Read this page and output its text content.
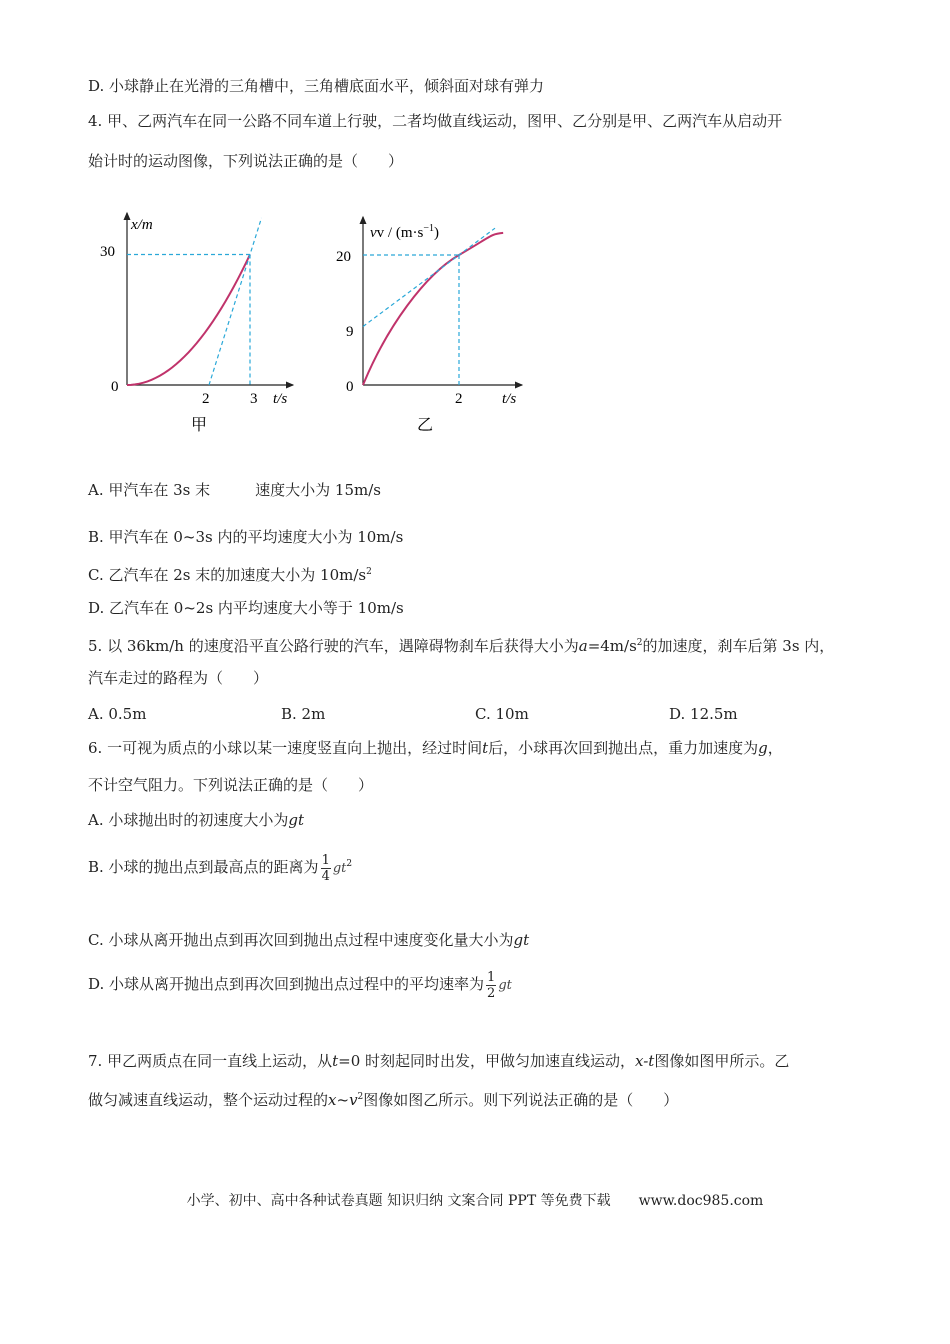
D. 小球静止在光滑的三角槽中，三角槽底面水平，倾斜面对球有弹力
4. 甲、乙两汽车在同一公路不同车道上行驶，二者均做直线运动，图甲、乙分别是甲、乙两汽车从启动开
始计时的运动图像，下列说法正确的是（　　）
x/m
30
0
2	3 t/s
甲
vv / $(m\cdot s^{-1})$
20
9
0
2	t/s
乙
A. 甲汽车在 3s 末　　　速度大小为 15m/s
B. 甲汽车在 0~3s 内的平均速度大小为 10m/s
C. 乙汽车在 2s 末的加速度大小为 $10m/s^2$
D. 乙汽车在 0~2s 内平均速度大小等于 10m/s
5. 以 36km/h 的速度沿平直公路行驶的汽车，遇障碍物刹车后获得大小为$a=4m/s^2$的加速度，刹车后第 3s 内，
汽车走过的路程为（　　）
A. 0.5m	B. 2m	C. 10m	D. 12.5m
6. 一可视为质点的小球以某一速度竖直向上抛出，经过时间t后，小球再次回到抛出点，重力加速度为g，
不计空气阻力。下列说法正确的是（　　）
A. 小球抛出时的初速度大小为gt
B. 小球的抛出点到最高点的距离为 $\frac{1}{4} gt^2$
C. 小球从离开抛出点到再次回到抛出点过程中速度变化量大小为gt
D. 小球从离开抛出点到再次回到抛出点过程中的平均速率为 $\frac{1}{2}$ gt
7. 甲乙两质点在同一直线上运动，从t=0 时刻起同时出发，甲做匀加速直线运动，x-t图像如图甲所示。乙
做匀减速直线运动，整个运动过程的$x\sim v^2$图像如图乙所示。则下列说法正确的是（　　）
小学、初中、高中各种试卷真题 知识归纳 文案合同 PPT 等免费下载　　www.doc985.com
